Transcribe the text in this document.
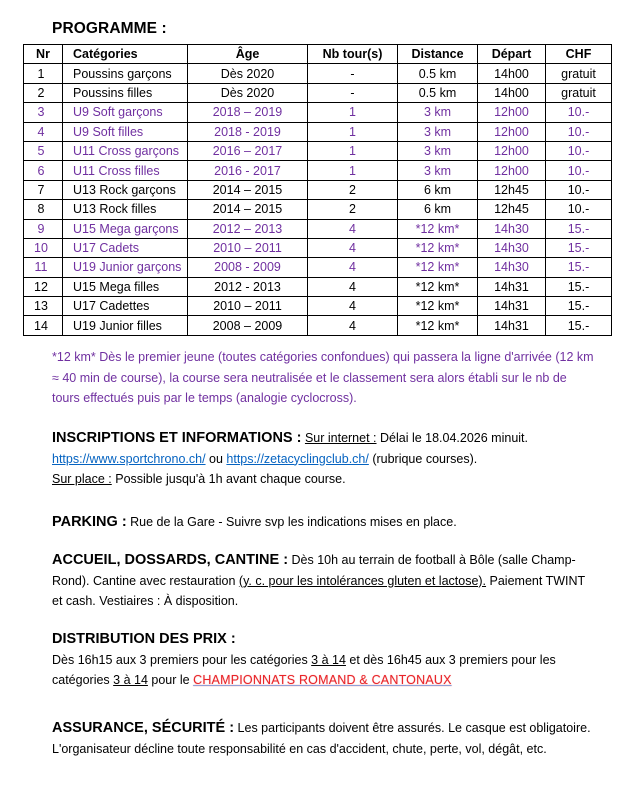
PROGRAMME :
Nr	Catégories	Âge	Nb tour(s)	Distance	Départ	CHF
1	Poussins garçons	Dès 2020	-	0.5 km	14h00	gratuit
2	Poussins filles	Dès 2020	-	0.5 km	14h00	gratuit
3	U9 Soft garçons	2018 – 2019	1	3 km	12h00	10.-
4	U9 Soft filles	2018 - 2019	1	3 km	12h00	10.-
5	U11 Cross garçons	2016 – 2017	1	3 km	12h00	10.-
6	U11 Cross filles	2016 - 2017	1	3 km	12h00	10.-
7	U13 Rock garçons	2014 – 2015	2	6 km	12h45	10.-
8	U13 Rock filles	2014 – 2015	2	6 km	12h45	10.-
9	U15 Mega garçons	2012 – 2013	4	*12 km*	14h30	15.-
10	U17 Cadets	2010 – 2011	4	*12 km*	14h30	15.-
11	U19 Junior garçons	2008 - 2009	4	*12 km*	14h30	15.-
12	U15 Mega filles	2012 - 2013	4	*12 km*	14h31	15.-
13	U17 Cadettes	2010 – 2011	4	*12 km*	14h31	15.-
14	U19 Junior filles	2008 – 2009	4	*12 km*	14h31	15.-
*12 km* Dès le premier jeune (toutes catégories confondues) qui passera la ligne d'arrivée (12 km ≈ 40 min de course), la course sera neutralisée et le classement sera alors établi sur le nb de tours effectués puis par le temps (analogie cyclocross).
INSCRIPTIONS ET INFORMATIONS : Sur internet : Délai le 18.04.2026 minuit.
https://www.sportchrono.ch/ ou https://zetacyclingclub.ch/ (rubrique courses).
Sur place : Possible jusqu'à 1h avant chaque course.
PARKING : Rue de la Gare - Suivre svp les indications mises en place.
ACCUEIL, DOSSARDS, CANTINE : Dès 10h au terrain de football à Bôle (salle Champ-Rond). Cantine avec restauration (y. c. pour les intolérances gluten et lactose). Paiement TWINT et cash. Vestiaires : À disposition.
DISTRIBUTION DES PRIX :
Dès 16h15 aux 3 premiers pour les catégories 3 à 14 et dès 16h45 aux 3 premiers pour les catégories 3 à 14 pour le CHAMPIONNATS ROMAND & CANTONAUX
ASSURANCE, SÉCURITÉ : Les participants doivent être assurés. Le casque est obligatoire. L'organisateur décline toute responsabilité en cas d'accident, chute, perte, vol, dégât, etc.
